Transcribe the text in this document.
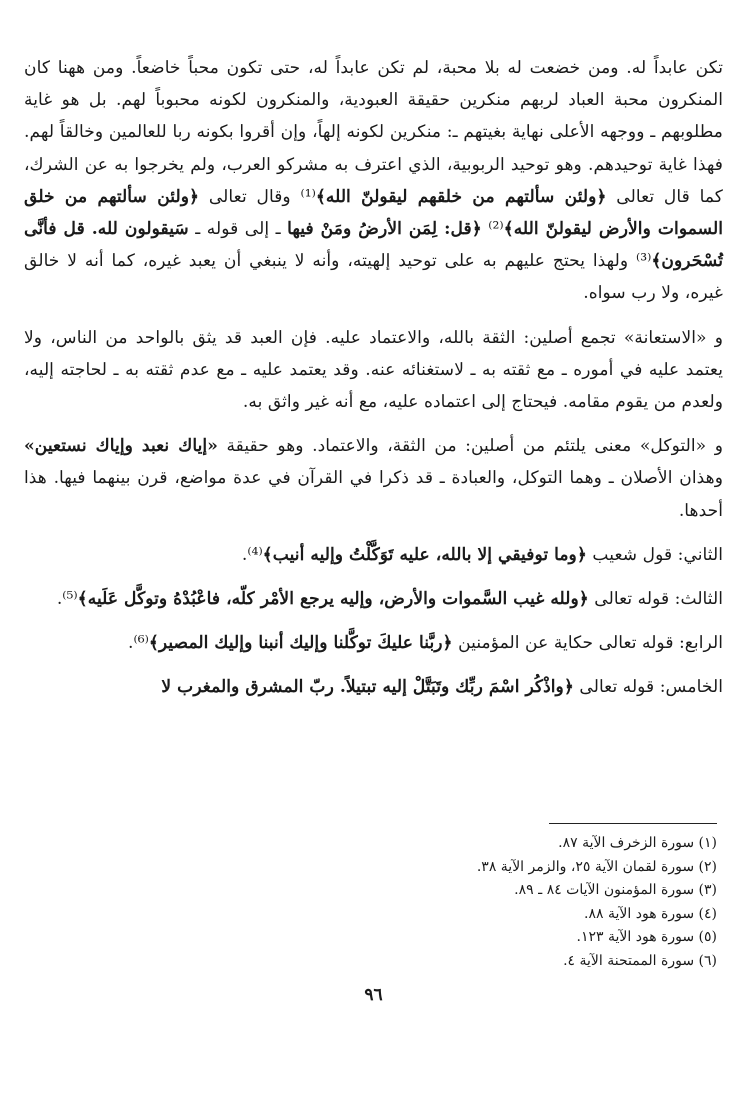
تكن عابداً له. ومن خضعت له بلا محبة، لم تكن عابداً له، حتى تكون محباً خاضعاً. ومن ههنا كان المنكرون محبة العباد لربهم منكرين حقيقة العبودية، والمنكرون لكونه محبوباً لهم. بل هو غاية مطلوبهم ـ ووجهه الأعلى نهاية بغيتهم ـ: منكرين لكونه إلهاً، وإن أقروا بكونه ربا للعالمين وخالقاً لهم. فهذا غاية توحيدهم. وهو توحيد الربوبية، الذي اعترف به مشركو العرب، ولم يخرجوا به عن الشرك، كما قال تعالى ﴿ولئن سألتهم من خلقهم ليقولنّ الله﴾⁽¹⁾ وقال تعالى ﴿ولئن سألتهم من خلق السموات والأرض ليقولنّ الله﴾⁽²⁾ ﴿قل: لِمَن الأرضُ ومَنْ فيها ـ إلى قوله ـ سَيقولون لله. قل فأنَّى تُسْحَرون﴾⁽³⁾ ولهذا يحتج عليهم به على توحيد إلهيته، وأنه لا ينبغي أن يعبد غيره، كما أنه لا خالق غيره، ولا رب سواه.

و «الاستعانة» تجمع أصلين: الثقة بالله، والاعتماد عليه. فإن العبد قد يثق بالواحد من الناس، ولا يعتمد عليه في أموره ـ مع ثقته به ـ لاستغنائه عنه. وقد يعتمد عليه ـ مع عدم ثقته به ـ لحاجته إليه، ولعدم من يقوم مقامه. فيحتاج إلى اعتماده عليه، مع أنه غير واثق به.

و «التوكل» معنى يلتئم من أصلين: من الثقة، والاعتماد. وهو حقيقة «إياك نعبد وإياك نستعين» وهذان الأصلان ـ وهما التوكل، والعبادة ـ قد ذكرا في القرآن في عدة مواضع، قرن بينهما فيها. هذا أحدها.

الثاني: قول شعيب ﴿وما توفيقي إلا بالله، عليه تَوَكَّلْتُ وإليه أنيب﴾⁽⁴⁾.

الثالث: قوله تعالى ﴿ولله غيب السَّموات والأرض، وإليه يرجع الأمْر كلّه، فاعْبُدْهُ وتوكَّل عَلَيه﴾⁽⁵⁾.

الرابع: قوله تعالى حكاية عن المؤمنين ﴿ربَّنا عليكَ توكَّلنا وإليك أنبنا وإليك المصير﴾⁽⁶⁾.

الخامس: قوله تعالى ﴿واذْكُر اسْمَ ربِّك وتَبَتَّلْ إليه تبتيلاً. ربّ المشرق والمغرب لا

(١) سورة الزخرف الآية ٨٧.
(٢) سورة لقمان الآية ٢٥، والزمر الآية ٣٨.
(٣) سورة المؤمنون الآيات ٨٤ ـ ٨٩.
(٤) سورة هود الآية ٨٨.
(٥) سورة هود الآية ١٢٣.
(٦) سورة الممتحنة الآية ٤.
٩٦
